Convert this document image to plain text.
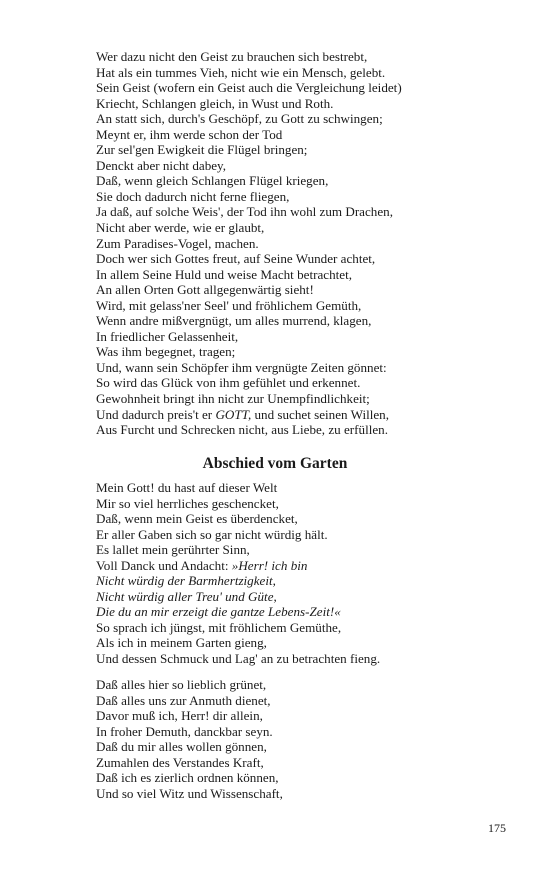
Wer dazu nicht den Geist zu brauchen sich bestrebt,
Hat als ein tummes Vieh, nicht wie ein Mensch, gelebt.
Sein Geist (wofern ein Geist auch die Vergleichung leidet)
Kriecht, Schlangen gleich, in Wust und Roth.
An statt sich, durch's Geschöpf, zu Gott zu schwingen;
Meynt er, ihm werde schon der Tod
Zur sel'gen Ewigkeit die Flügel bringen;
Denckt aber nicht dabey,
Daß, wenn gleich Schlangen Flügel kriegen,
Sie doch dadurch nicht ferne fliegen,
Ja daß, auf solche Weis', der Tod ihn wohl zum Drachen,
Nicht aber werde, wie er glaubt,
Zum Paradises-Vogel, machen.
Doch wer sich Gottes freut, auf Seine Wunder achtet,
In allem Seine Huld und weise Macht betrachtet,
An allen Orten Gott allgegenwärtig sieht!
Wird, mit gelass'ner Seel' und fröhlichem Gemüth,
Wenn andre mißvergnügt, um alles murrend, klagen,
In friedlicher Gelassenheit,
Was ihm begegnet, tragen;
Und, wann sein Schöpfer ihm vergnügte Zeiten gönnet:
So wird das Glück von ihm gefühlet und erkennet.
Gewohnheit bringt ihn nicht zur Unempfindlichkeit;
Und dadurch preis't er GOTT, und suchet seinen Willen,
Aus Furcht und Schrecken nicht, aus Liebe, zu erfüllen.
Abschied vom Garten
Mein Gott! du hast auf dieser Welt
Mir so viel herrliches geschencket,
Daß, wenn mein Geist es überdencket,
Er aller Gaben sich so gar nicht würdig hält.
Es lallet mein gerührter Sinn,
Voll Danck und Andacht: »Herr! ich bin
Nicht würdig der Barmhertzigkeit,
Nicht würdig aller Treu' und Güte,
Die du an mir erzeigt die gantze Lebens-Zeit!«
So sprach ich jüngst, mit fröhlichem Gemüthe,
Als ich in meinem Garten gieng,
Und dessen Schmuck und Lag' an zu betrachten fieng.
Daß alles hier so lieblich grünet,
Daß alles uns zur Anmuth dienet,
Davor muß ich, Herr! dir allein,
In froher Demuth, danckbar seyn.
Daß du mir alles wollen gönnen,
Zumahlen des Verstandes Kraft,
Daß ich es zierlich ordnen können,
Und so viel Witz und Wissenschaft,
175
